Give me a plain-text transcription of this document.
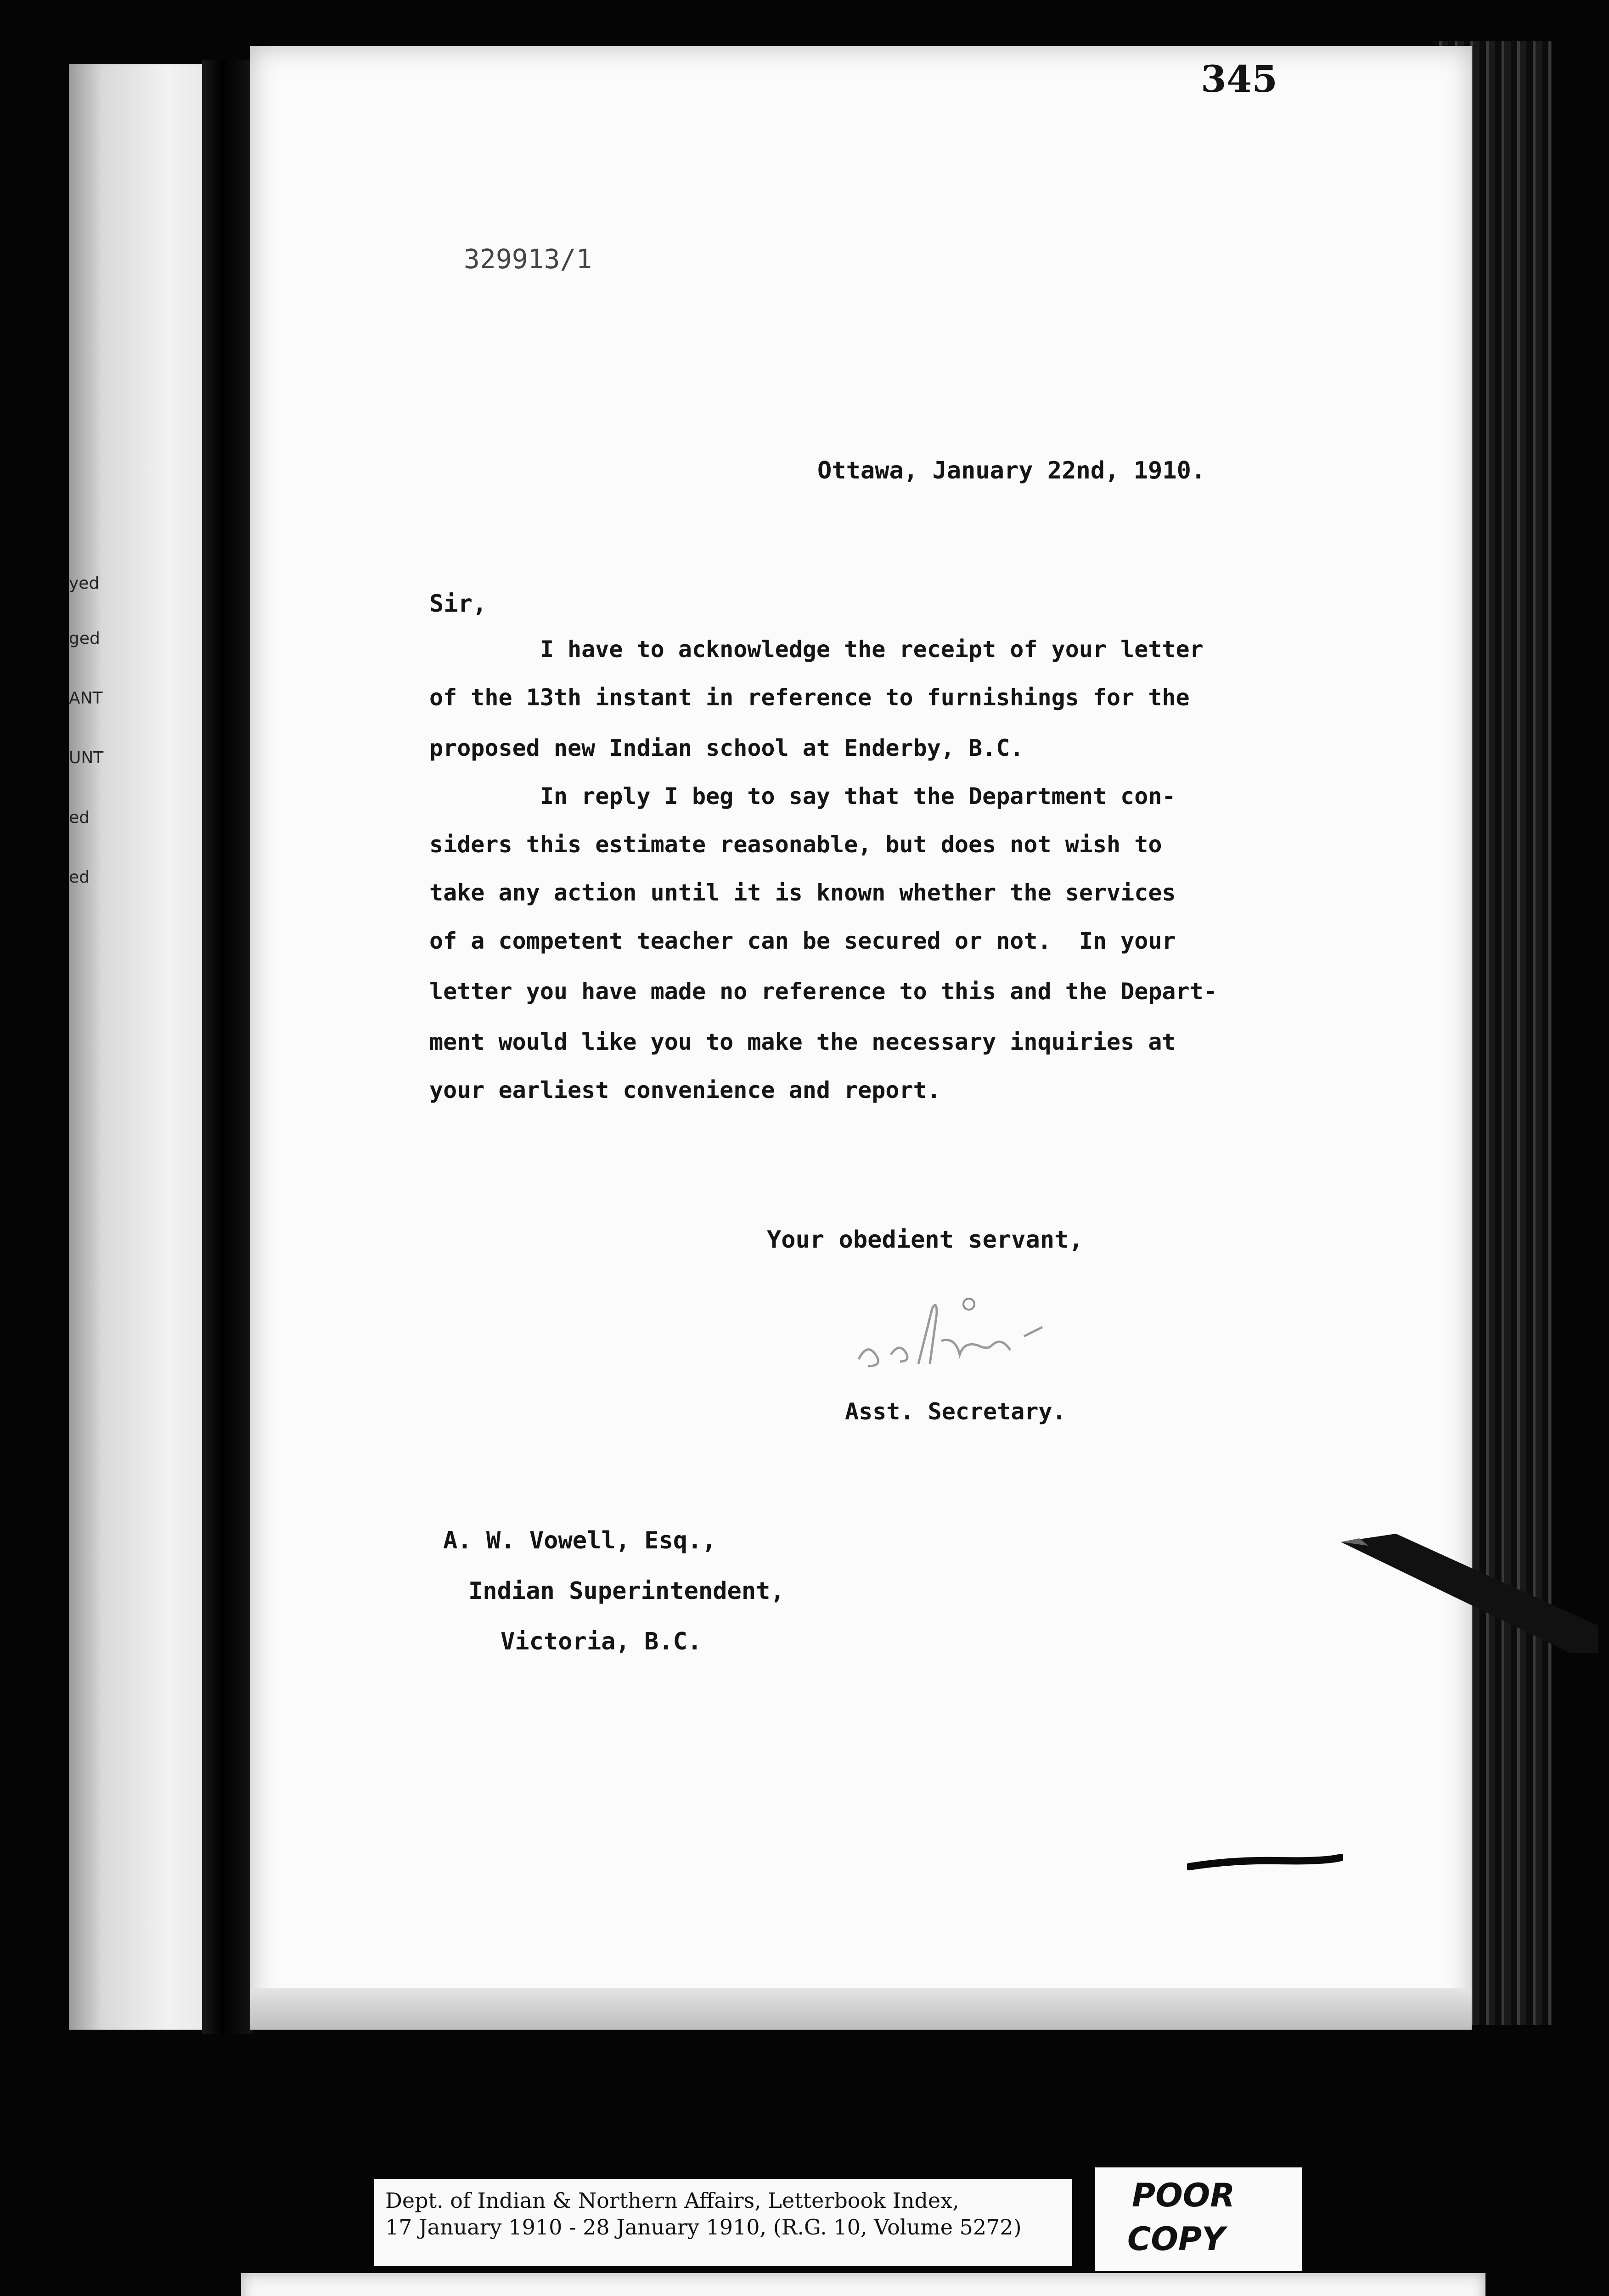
yed
ged
ANT
UNT
ed
ed
345
329913/1
Ottawa, January 22nd, 1910.
Sir,
I have to acknowledge the receipt of your letter
of the 13th instant in reference to furnishings for the
proposed new Indian school at Enderby, B.C.
In reply I beg to say that the Department con-
siders this estimate reasonable, but does not wish to
take any action until it is known whether the services
of a competent teacher can be secured or not.  In your
letter you have made no reference to this and the Depart-
ment would like you to make the necessary inquiries at
your earliest convenience and report.
Your obedient servant,
Asst. Secretary.
A. W. Vowell, Esq.,
Indian Superintendent,
Victoria, B.C.
Dept. of Indian & Northern Affairs, Letterbook Index,
17 January 1910 - 28 January 1910, (R.G. 10, Volume 5272)
POOR
COPY
